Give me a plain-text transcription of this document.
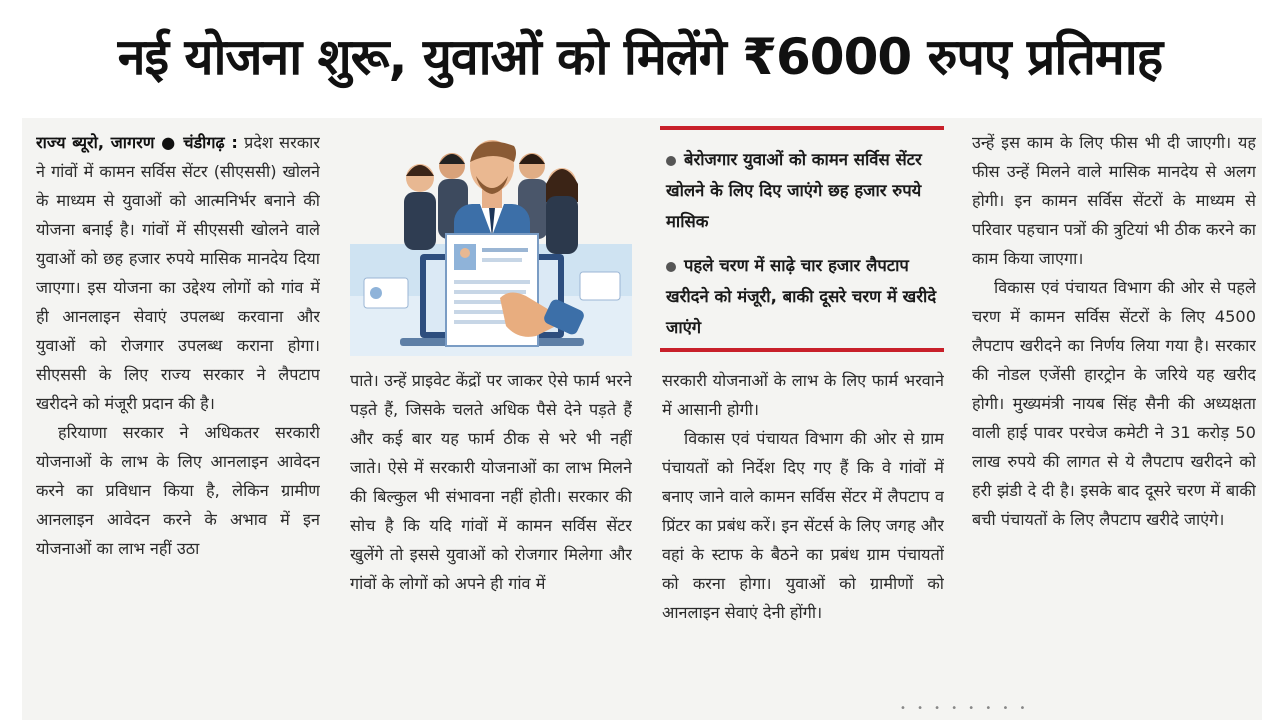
नई योजना शुरू, युवाओं को मिलेंगे ₹6000 रुपए प्रतिमाह

राज्य ब्यूरो, जागरण ● चंडीगढ़ : प्रदेश सरकार ने गांवों में कामन सर्विस सेंटर (सीएससी) खोलने के माध्यम से युवाओं को आत्मनिर्भर बनाने की योजना बनाई है। गांवों में सीएससी खोलने वाले युवाओं को छह हजार रुपये मासिक मानदेय दिया जाएगा। इस योजना का उद्देश्य लोगों को गांव में ही आनलाइन सेवाएं उपलब्ध करवाना और युवाओं को रोजगार उपलब्ध कराना होगा। सीएससी के लिए राज्य सरकार ने लैपटाप खरीदने को मंजूरी प्रदान की है।

हरियाणा सरकार ने अधिकतर सरकारी योजनाओं के लाभ के लिए आनलाइन आवेदन करने का प्रविधान किया है, लेकिन ग्रामीण आनलाइन आवेदन करने के अभाव में इन योजनाओं का लाभ नहीं उठा

बेरोजगार युवाओं को कामन सर्विस सेंटर खोलने के लिए दिए जाएंगे छह हजार रुपये मासिक
पहले चरण में साढ़े चार हजार लैपटाप खरीदने को मंजूरी, बाकी दूसरे चरण में खरीदे जाएंगे

पाते। उन्हें प्राइवेट केंद्रों पर जाकर ऐसे फार्म भरने पड़ते हैं, जिसके चलते अधिक पैसे देने पड़ते हैं और कई बार यह फार्म ठीक से भरे भी नहीं जाते। ऐसे में सरकारी योजनाओं का लाभ मिलने की बिल्कुल भी संभावना नहीं होती। सरकार की सोच है कि यदि गांवों में कामन सर्विस सेंटर खुलेंगे तो इससे युवाओं को रोजगार मिलेगा और गांवों के लोगों को अपने ही गांव में

सरकारी योजनाओं के लाभ के लिए फार्म भरवाने में आसानी होगी।

विकास एवं पंचायत विभाग की ओर से ग्राम पंचायतों को निर्देश दिए गए हैं कि वे गांवों में बनाए जाने वाले कामन सर्विस सेंटर में लैपटाप व प्रिंटर का प्रबंध करें। इन सेंटर्स के लिए जगह और वहां के स्टाफ के बैठने का प्रबंध ग्राम पंचायतों को करना होगा। युवाओं को ग्रामीणों को आनलाइन सेवाएं देनी होंगी।

उन्हें इस काम के लिए फीस भी दी जाएगी। यह फीस उन्हें मिलने वाले मासिक मानदेय से अलग होगी। इन कामन सर्विस सेंटरों के माध्यम से परिवार पहचान पत्रों की त्रुटियां भी ठीक करने का काम किया जाएगा।

विकास एवं पंचायत विभाग की ओर से पहले चरण में कामन सर्विस सेंटरों के लिए 4500 लैपटाप खरीदने का निर्णय लिया गया है। सरकार की नोडल एजेंसी हारट्रोन के जरिये यह खरीद होगी। मुख्यमंत्री नायब सिंह सैनी की अध्यक्षता वाली हाई पावर परचेज कमेटी ने 31 करोड़ 50 लाख रुपये की लागत से ये लैपटाप खरीदने को हरी झंडी दे दी है। इसके बाद दूसरे चरण में बाकी बची पंचायतों के लिए लैपटाप खरीदे जाएंगे।

• • • • • • • •
